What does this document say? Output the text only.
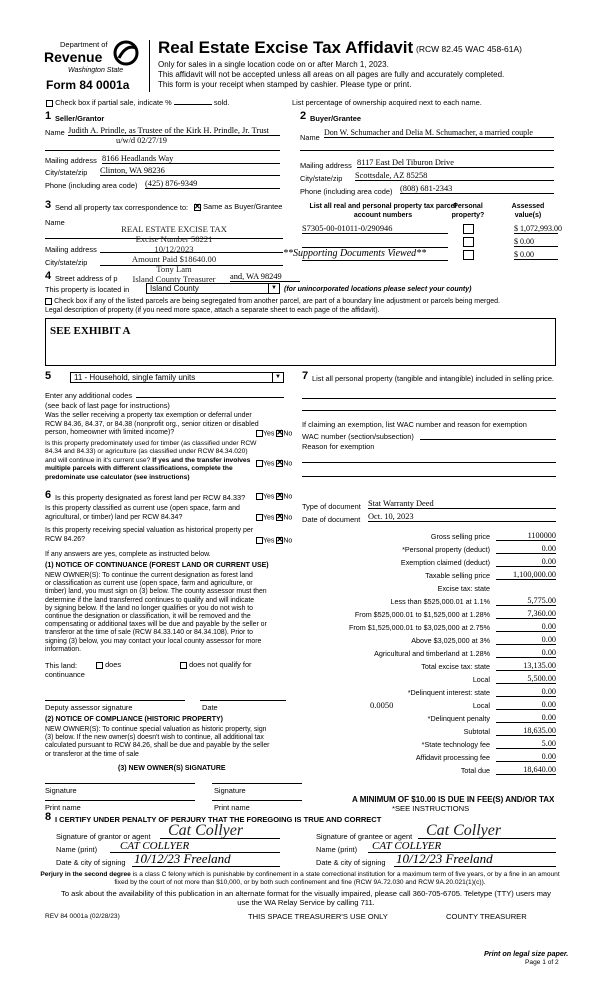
Department of
Revenue
Washington State
Form 84 0001a
Real Estate Excise Tax Affidavit (RCW 82.45 WAC 458-61A)
Only for sales in a single location code on or after March 1, 2023.
This affidavit will not be accepted unless all areas on all pages are fully and accurately completed.
This form is your receipt when stamped by cashier. Please type or print.
Check box if partial sale, indicate %	sold.	List percentage of ownership acquired next to each name.
1 Seller/Grantor
Name Judith A. Prindle, as Trustee of the Kirk H. Prindle, Jr. Trust
u/w/d 02/27/19
Mailing address 8166 Headlands Way
City/state/zip Clinton, WA 98236
Phone (including area code) (425) 876-9349
2 Buyer/Grantee
Name
Don W. Schumacher and Delia M. Schumacher, a married couple
Mailing address 8117 East Del Tiburon Drive
City/state/zip Scottsdale, AZ 85258
Phone (including area code) (808) 681-2343
3 Send all property tax correspondence to: ✕	Same as Buyer/Grantee
Name
Mailing address
City/state/zip
REAL ESTATE EXCISE TAX
Excise Number 58221
10/12/2023
Amount Paid $18640.00
Tony Lam
Island County Treasurer
**Supporting Documents Viewed**
List all real and personal property tax parcel account numbers
Personal property?
Assessed value(s)
S7305-00-01011-0/290946	$ 1,072,993.00
$ 0.00
$ 0.00
4 Street address of p	and, WA 98249
This property is located in	Island County	▼ (for unincorporated locations please select your county)
Check box if any of the listed parcels are being segregated from another parcel, are part of a boundary line adjustment or parcels being merged.
Legal description of property (if you need more space, attach a separate sheet to each page of the affidavit).
SEE EXHIBIT A
5	11 - Household, single family units	▼
Enter any additional codes
(see back of last page for instructions)
Was the seller receiving a property tax exemption or deferral under RCW 84.36, 84.37, or 84.38 (nonprofit org., senior citizen or disabled person, homeowner with limited income)?	Yes ✕ No
Is this property predominately used for timber (as classified under RCW 84.34 and 84.33) or agriculture (as classified under RCW 84.34.020) and will continue in it's current use? If yes and the transfer involves multiple parcels with different classifications, complete the predominate use calculator (see instructions)
Yes ✕ No
7 List all personal property (tangible and intangible) included in selling price.
If claiming an exemption, list WAC number and reason for exemption
WAC number (section/subsection)
Reason for exemption
Type of document Stat Warranty Deed
Date of document Oct. 10, 2023
6 Is this property designated as forest land per RCW 84.33?	Yes ✕ No
Is this property classified as current use (open space, farm and agricultural, or timber) land per RCW 84.34?	Yes ✕ No
Is this property receiving special valuation as historical property per RCW 84.26?	Yes ✕ No
If any answers are yes, complete as instructed below.
(1) NOTICE OF CONTINUANCE (FOREST LAND OR CURRENT USE)
NEW OWNER(S): To continue the current designation as forest land
or classification as current use (open space, farm and agriculture, or
timber) land, you must sign on (3) below. The county assessor must then
determine if the land transferred continues to qualify and will indicate
by signing below. If the land no longer qualifies or you do not wish to
continue the designation or classification, it will be removed and the
compensating or additional taxes will be due and payable by the seller or
transferor at the time of sale (RCW 84.33.140 or 84.34.108). Prior to
signing (3) below, you may contact your local county assessor for more
information.
This land:	does	does not qualify for
continuance
Deputy assessor signature	Date
(2) NOTICE OF COMPLIANCE (HISTORIC PROPERTY)
NEW OWNER(S): To continue special valuation as historic property, sign
(3) below. If the new owner(s) doesn't wish to continue, all additional tax
calculated pursuant to RCW 84.26, shall be due and payable by the seller
or transferor at the time of sale
(3) NEW OWNER(S) SIGNATURE
Signature	Signature
Print name	Print name
Gross selling price	1100000
*Personal property (deduct)	0.00
Exemption claimed (deduct)	0.00
Taxable selling price	1,100,000.00
Excise tax: state
Less than $525,000.01 at 1.1%	5,775.00
From $525,000.01 to $1,525,000 at 1.28%	7,360.00
From $1,525,000.01 to $3,025,000 at 2.75%	0.00
Above $3,025,000 at 3%	0.00
Agricultural and timberland at 1.28%	0.00
Total excise tax: state	13,135.00
Local	5,500.00
*Delinquent interest: state	0.00
Local	0.00
*Delinquent penalty	0.00
Subtotal	18,635.00
*State technology fee	5.00
Affidavit processing fee	0.00
Total due	18,640.00
0.0050
A MINIMUM OF $10.00 IS DUE IN FEE(S) AND/OR TAX
*SEE INSTRUCTIONS
8 I CERTIFY UNDER PENALTY OF PERJURY THAT THE FOREGOING IS TRUE AND CORRECT
Signature of grantor or agent Cat Collyer
Name (print) CAT COLLYER
Date & city of signing 10/12/23 Freeland
Signature of grantee or agent Cat Collyer
Name (print) CAT COLLYER
Date & city of signing 10/12/23 Freeland
Perjury in the second degree is a class C felony which is punishable by confinement in a state correctional institution for a maximum term of five years, or by a fine in an amount fixed by the court of not more than $10,000, or by both such confinement and fine (RCW 9A.72.030 and RCW 9A.20.021(1)(c)).
To ask about the availability of this publication in an alternate format for the visually impaired, please call 360-705-6705. Teletype (TTY) users may use the WA Relay Service by calling 711.
REV 84 0001a (02/28/23)	THIS SPACE TREASURER'S USE ONLY	COUNTY TREASURER
Print on legal size paper.
Page 1 of 2
